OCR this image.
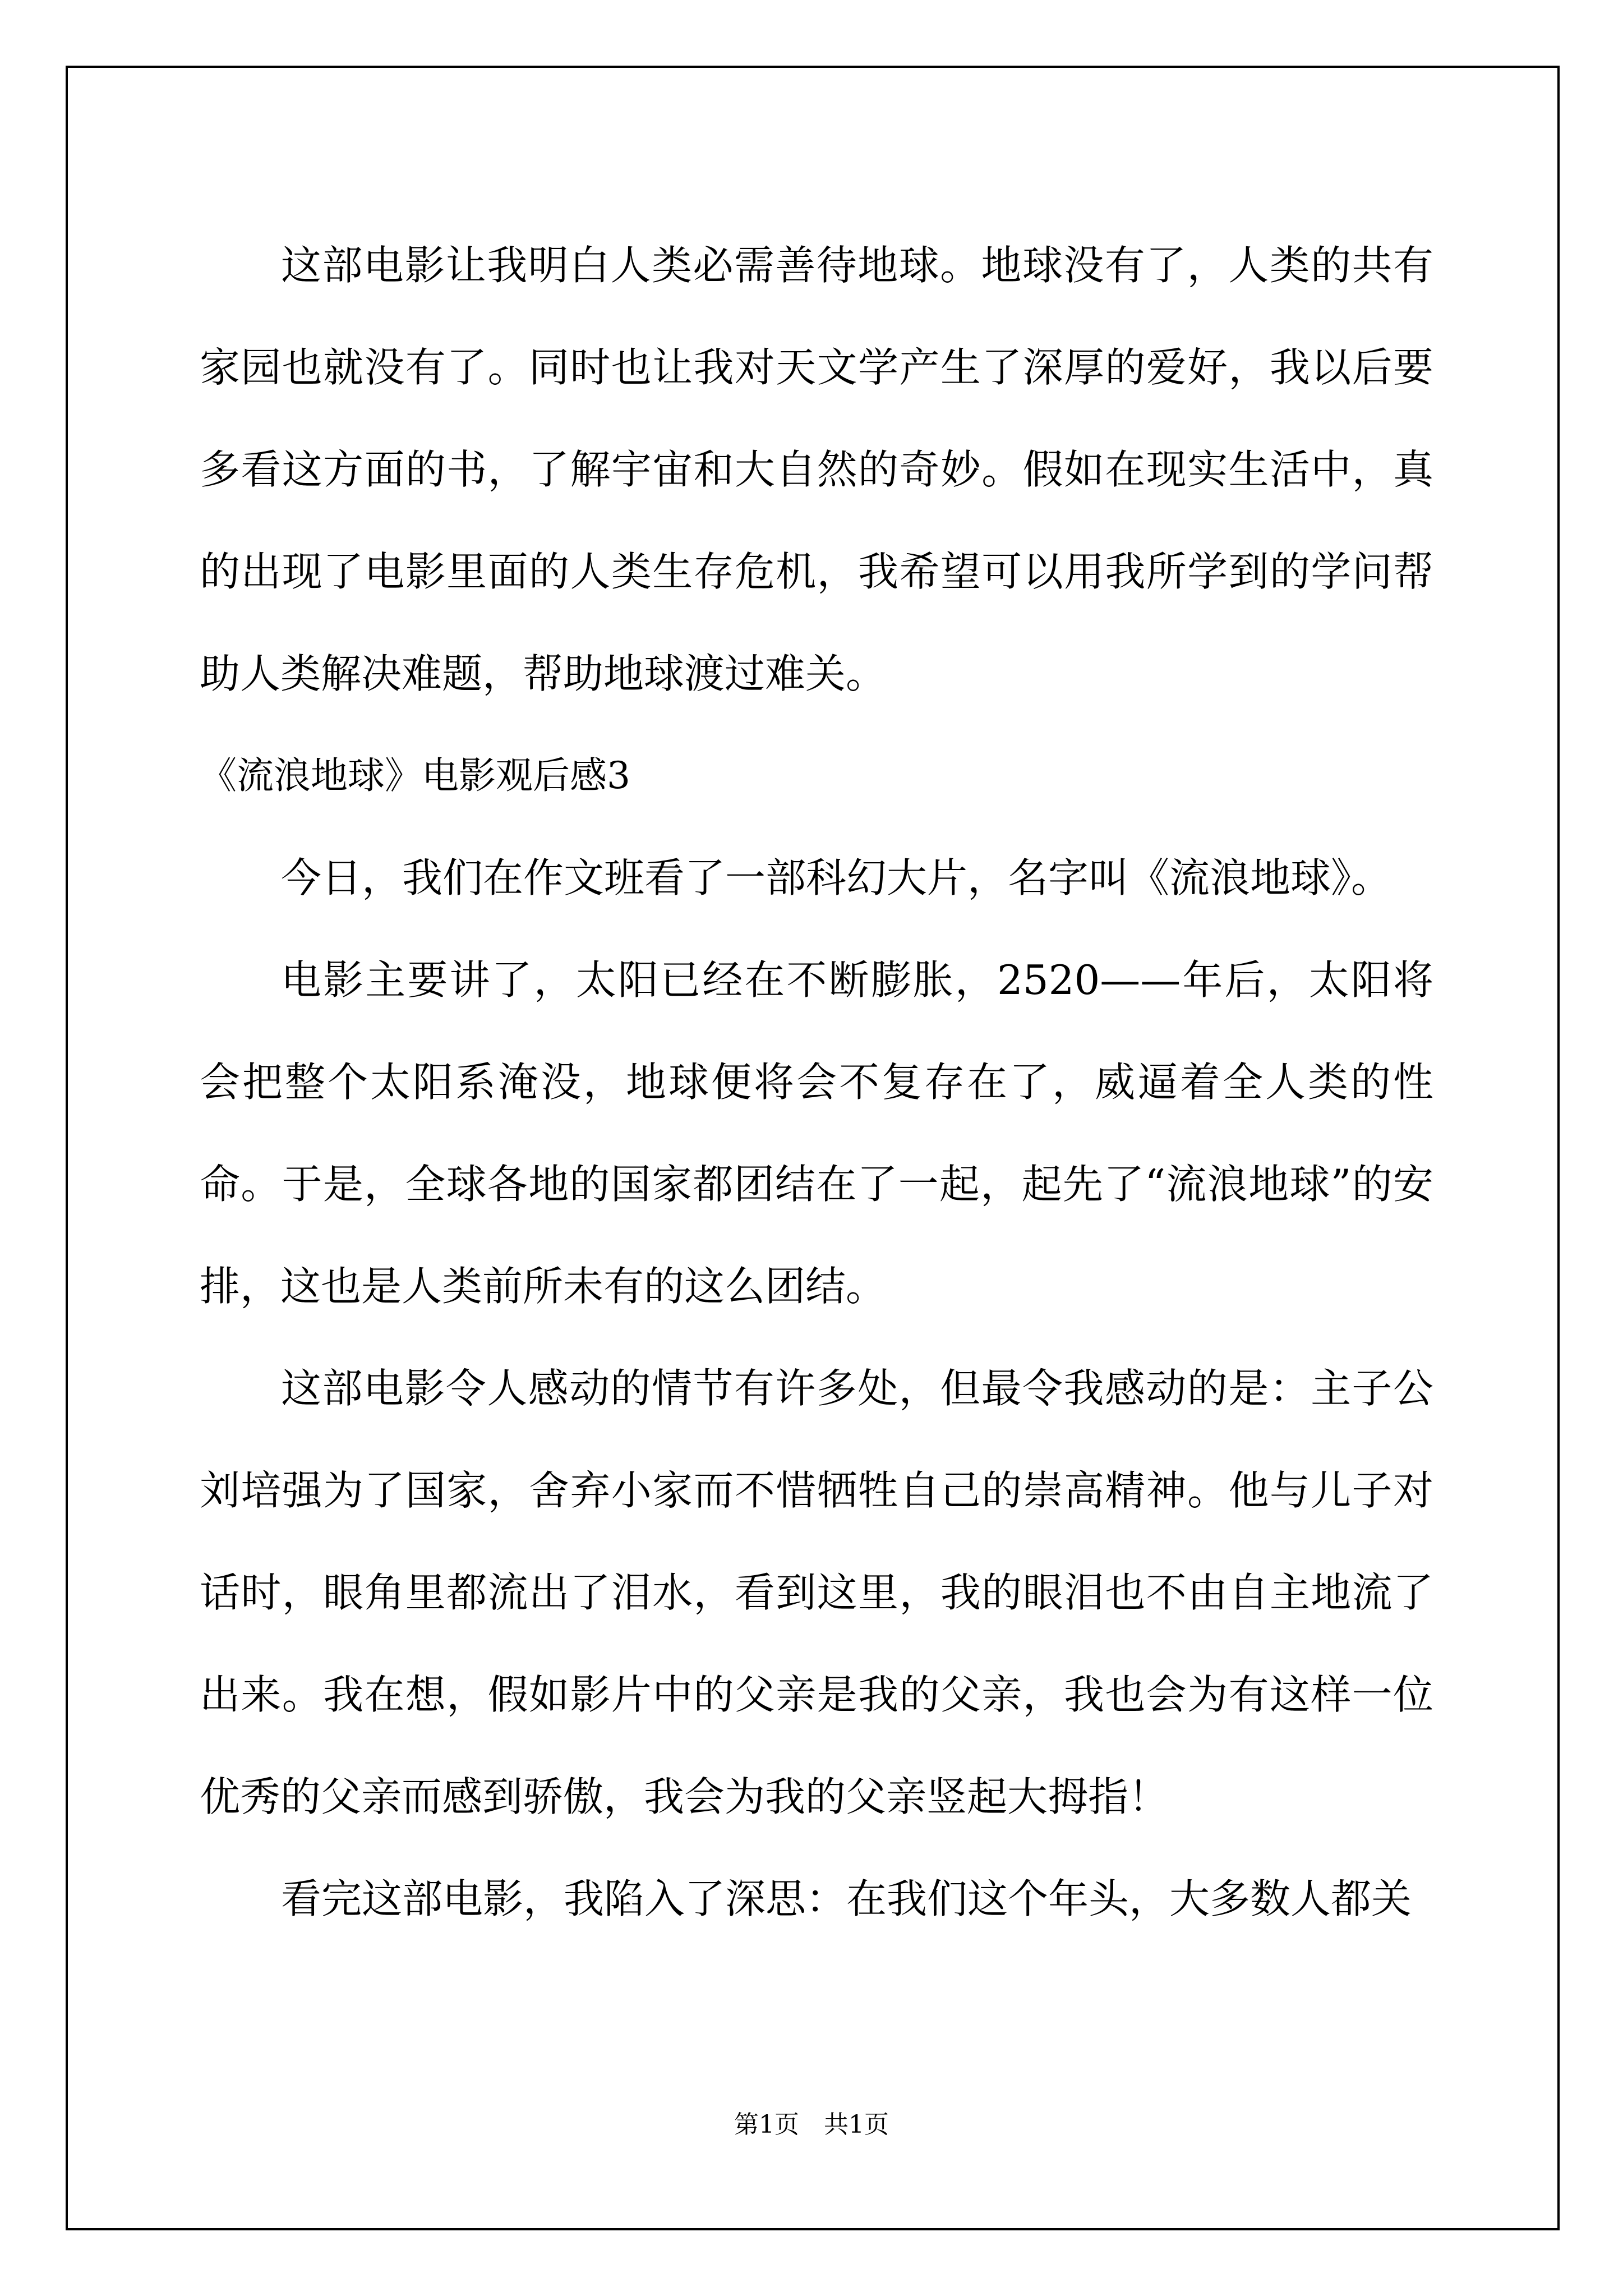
这部电影让我明白人类必需善待地球。地球没有了，人类的共有家园也就没有了。同时也让我对天文学产生了深厚的爱好，我以后要多看这方面的书，了解宇宙和大自然的奇妙。假如在现实生活中，真的出现了电影里面的人类生存危机，我希望可以用我所学到的学问帮助人类解决难题，帮助地球渡过难关。

《流浪地球》电影观后感3

今日，我们在作文班看了一部科幻大片，名字叫《流浪地球》。

电影主要讲了，太阳已经在不断膨胀，2520——年后，太阳将会把整个太阳系淹没，地球便将会不复存在了，威逼着全人类的性命。于是，全球各地的国家都团结在了一起，起先了“流浪地球”的安排，这也是人类前所未有的这么团结。

这部电影令人感动的情节有许多处，但最令我感动的是：主子公刘培强为了国家，舍弃小家而不惜牺牲自己的崇高精神。他与儿子对话时，眼角里都流出了泪水，看到这里，我的眼泪也不由自主地流了出来。我在想，假如影片中的父亲是我的父亲，我也会为有这样一位优秀的父亲而感到骄傲，我会为我的父亲竖起大拇指！

看完这部电影，我陷入了深思：在我们这个年头，大多数人都关

第1页　共1页
